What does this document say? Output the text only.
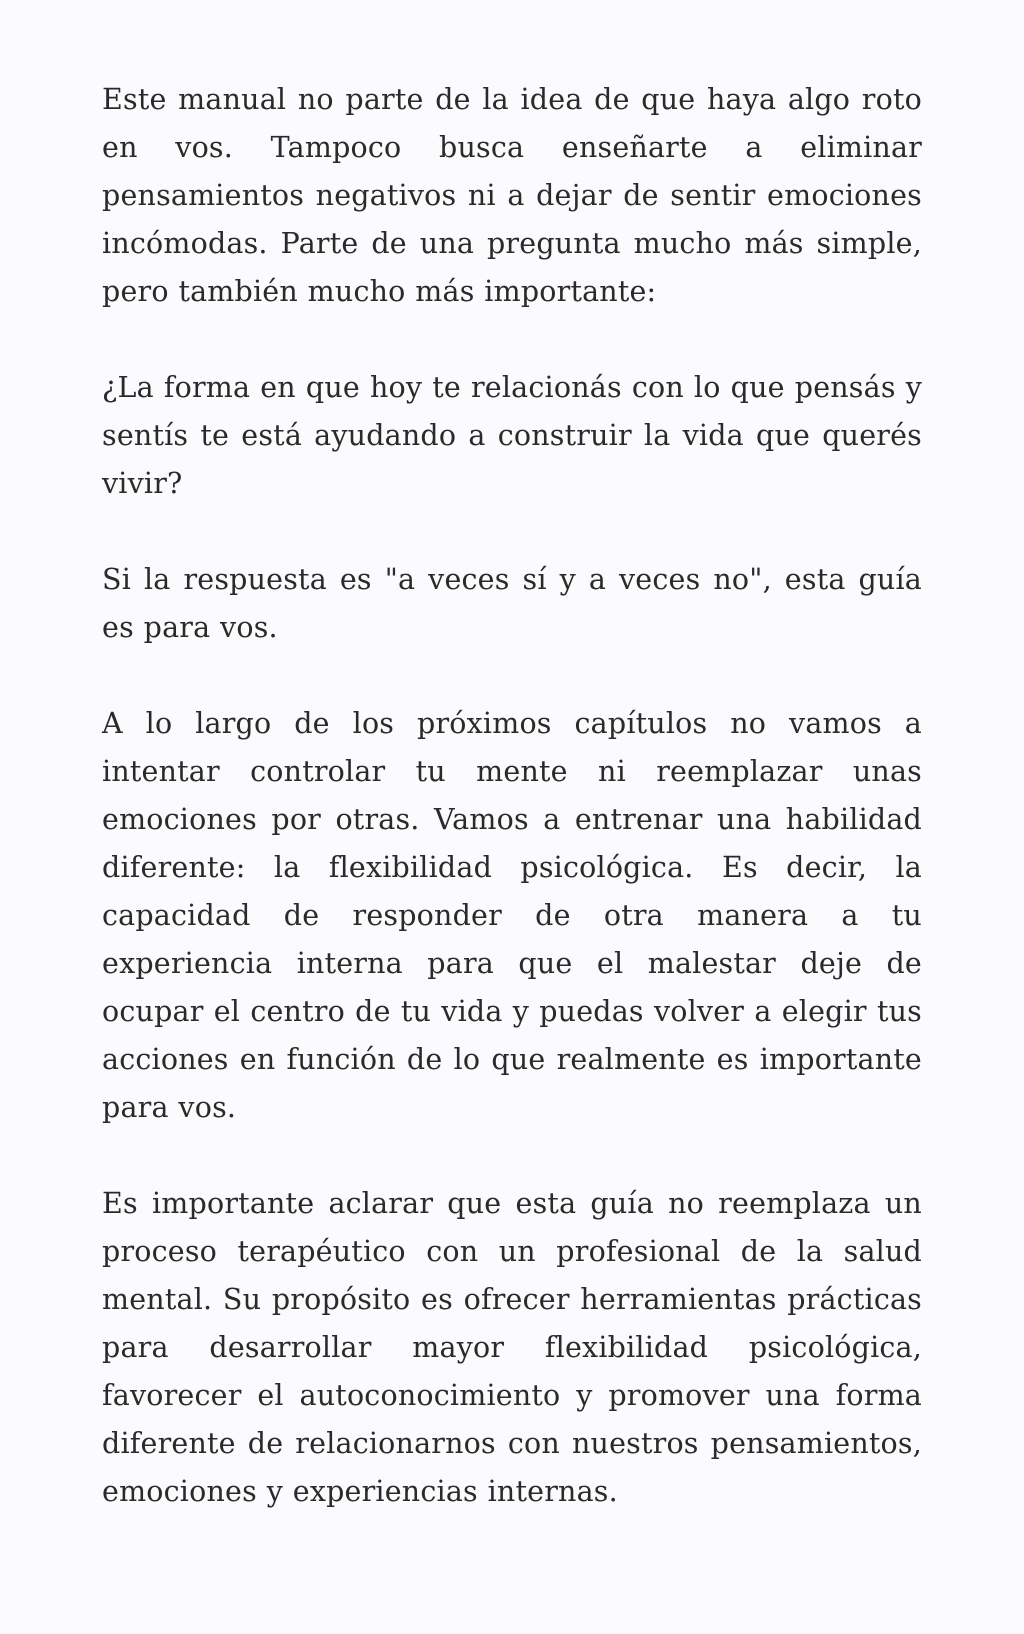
Este manual no parte de la idea de que haya algo roto en vos. Tampoco busca enseñarte a eliminar pensamientos negativos ni a dejar de sentir emociones incómodas. Parte de una pregunta mucho más simple, pero también mucho más importante:

¿La forma en que hoy te relacionás con lo que pensás y sentís te está ayudando a construir la vida que querés vivir?

Si la respuesta es "a veces sí y a veces no", esta guía es para vos.

A lo largo de los próximos capítulos no vamos a intentar controlar tu mente ni reemplazar unas emociones por otras. Vamos a entrenar una habilidad diferente: la flexibilidad psicológica. Es decir, la capacidad de responder de otra manera a tu experiencia interna para que el malestar deje de ocupar el centro de tu vida y puedas volver a elegir tus acciones en función de lo que realmente es importante para vos.

Es importante aclarar que esta guía no reemplaza un proceso terapéutico con un profesional de la salud mental. Su propósito es ofrecer herramientas prácticas para desarrollar mayor flexibilidad psicológica, favorecer el autoconocimiento y promover una forma diferente de relacionarnos con nuestros pensamientos, emociones y experiencias internas.
